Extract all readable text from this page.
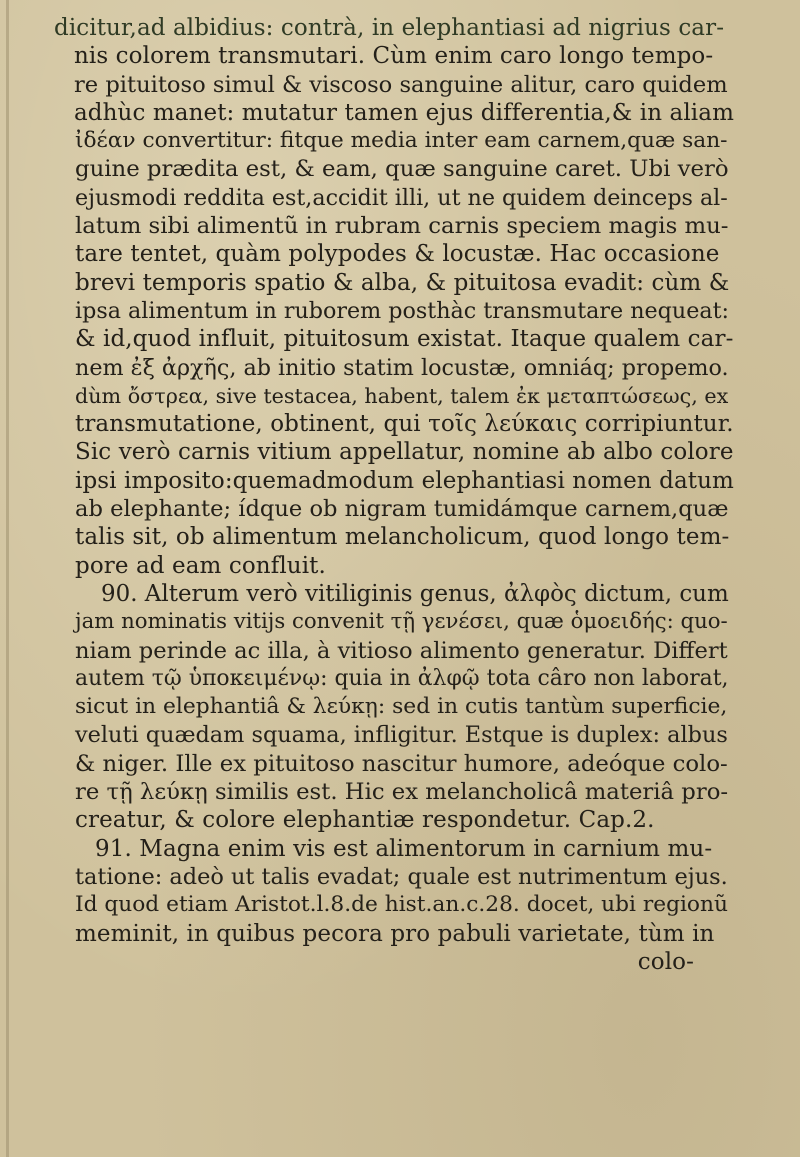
dicitur,ad albidius: contrà, in elephantiasi ad nigrius car-
nis colorem transmutari. Cùm enim caro longo tempo-
re pituitoso simul & viscoso sanguine alitur, caro quidem
adhùc manet: mutatur tamen ejus differentia,& in aliam
ἰδέαν convertitur: fitque media inter eam carnem,quæ san-
guine prædita est, & eam, quæ sanguine caret. Ubi verò
ejusmodi reddita est,accidit illi, ut ne quidem deinceps al-
latum sibi alimentũ in rubram carnis speciem magis mu-
tare tentet, quàm polypodes & locustæ. Hac occasione
brevi temporis spatio & alba, & pituitosa evadit: cùm &
ipsa alimentum in ruborem posthàc transmutare nequeat:
& id,quod influit, pituitosum existat. Itaque qualem car-
nem ἐξ ἀρχῆς, ab initio statim locustæ, omniáq; propemo.
dùm ὄστρεα, sive testacea, habent, talem ἐκ μεταπτώσεως, ex
transmutatione, obtinent, qui τοῖς λεύκαις corripiuntur.
Sic verò carnis vitium appellatur, nomine ab albo colore
ipsi imposito:quemadmodum elephantiasi nomen datum
ab elephante; ídque ob nigram tumidámque carnem,quæ
talis sit, ob alimentum melancholicum, quod longo tem-
pore ad eam confluit.
90. Alterum verò vitiliginis genus, ἀλφὸς dictum, cum
jam nominatis vitijs convenit τῇ γενέσει, quæ ὁμοειδής: quo-
niam perinde ac illa, à vitioso alimento generatur. Differt
autem τῷ ὑποκειμένῳ: quia in ἀλφῷ tota câro non laborat,
sicut in elephantiâ & λεύκῃ: sed in cutis tantùm superficie,
veluti quædam squama, infligitur. Estque is duplex: albus
& niger. Ille ex pituitoso nascitur humore, adeóque colo-
re τῇ λεύκῃ similis est. Hic ex melancholicâ materiâ pro-
creatur, & colore elephantiæ respondetur. Cap.2.
91. Magna enim vis est alimentorum in carnium mu-
tatione: adeò ut talis evadat; quale est nutrimentum ejus.
Id quod etiam Aristot.l.8.de hist.an.c.28. docet, ubi regionũ
meminit, in quibus pecora pro pabuli varietate, tùm in
colo-
